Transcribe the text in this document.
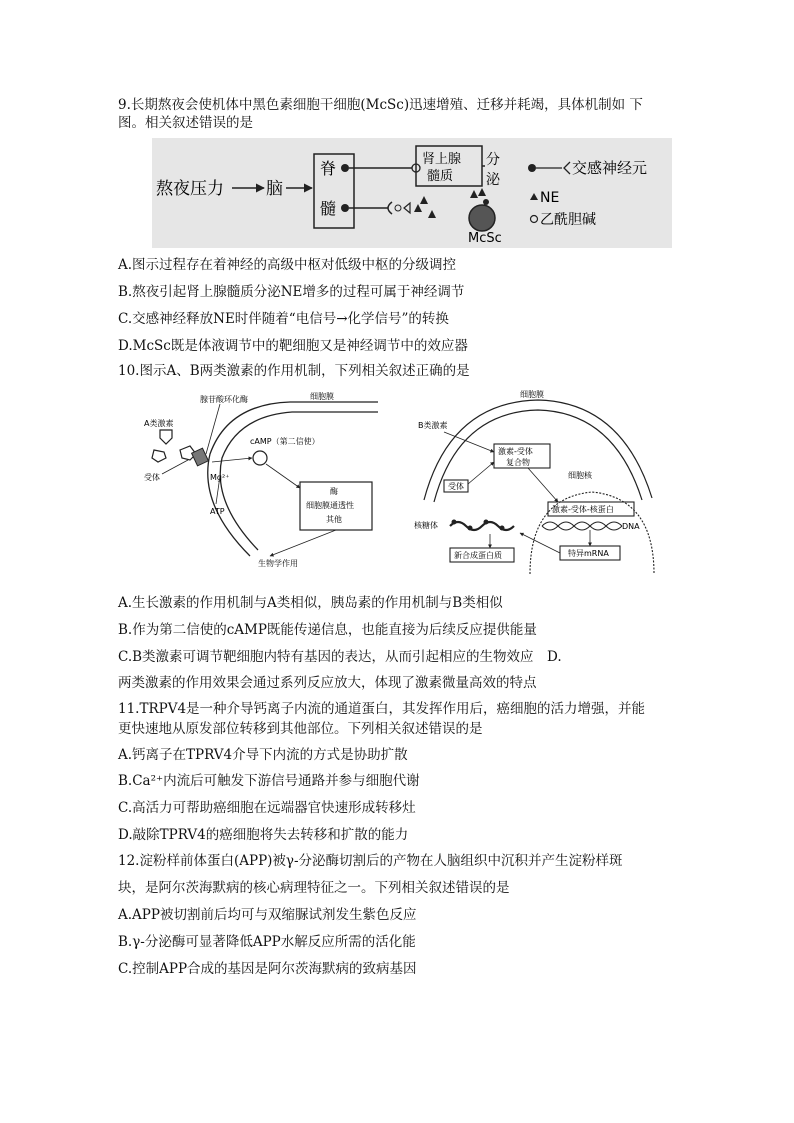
9.长期熬夜会使机体中黑色素细胞干细胞(McSc)迅速增殖、迁移并耗竭，具体机制如 下
图。相关叙述错误的是
熬夜压力 脑
脊
髓
肾上腺
髓质
分
泌
McSc
交感神经元
NE
乙酰胆碱
A.图示过程存在着神经的高级中枢对低级中枢的分级调控
B.熬夜引起肾上腺髓质分泌NE增多的过程可属于神经调节
C.交感神经释放NE时伴随着“电信号→化学信号”的转换
D.McSc既是体液调节中的靶细胞又是神经调节中的效应器
10.图示A、B两类激素的作用机制，下列相关叙述正确的是
腺苷酸环化酶	细胞膜
A类激素
受体
cAMP（第二信使）
Mg²⁺
ATP
酶
细胞膜通透性
其他
生物学作用
细胞膜
B类激素
激素-受体
复合物
受体
细胞核
激素-受体-核蛋白
DNA
特异mRNA
核糖体
新合成蛋白质
A.生长激素的作用机制与A类相似，胰岛素的作用机制与B类相似
B.作为第二信使的cAMP既能传递信息，也能直接为后续反应提供能量
C.B类激素可调节靶细胞内特有基因的表达，从而引起相应的生物效应　D.
两类激素的作用效果会通过系列反应放大，体现了激素微量高效的特点
11.TRPV4是一种介导钙离子内流的通道蛋白，其发挥作用后，癌细胞的活力增强，并能
更快速地从原发部位转移到其他部位。下列相关叙述错误的是
A.钙离子在TPRV4介导下内流的方式是协助扩散
B.Ca²⁺内流后可触发下游信号通路并参与细胞代谢
C.高活力可帮助癌细胞在远端器官快速形成转移灶
D.敲除TPRV4的癌细胞将失去转移和扩散的能力
12.淀粉样前体蛋白(APP)被γ-分泌酶切割后的产物在人脑组织中沉积并产生淀粉样斑
块，是阿尔茨海默病的核心病理特征之一。下列相关叙述错误的是
A.APP被切割前后均可与双缩脲试剂发生紫色反应
B.γ-分泌酶可显著降低APP水解反应所需的活化能
C.控制APP合成的基因是阿尔茨海默病的致病基因
